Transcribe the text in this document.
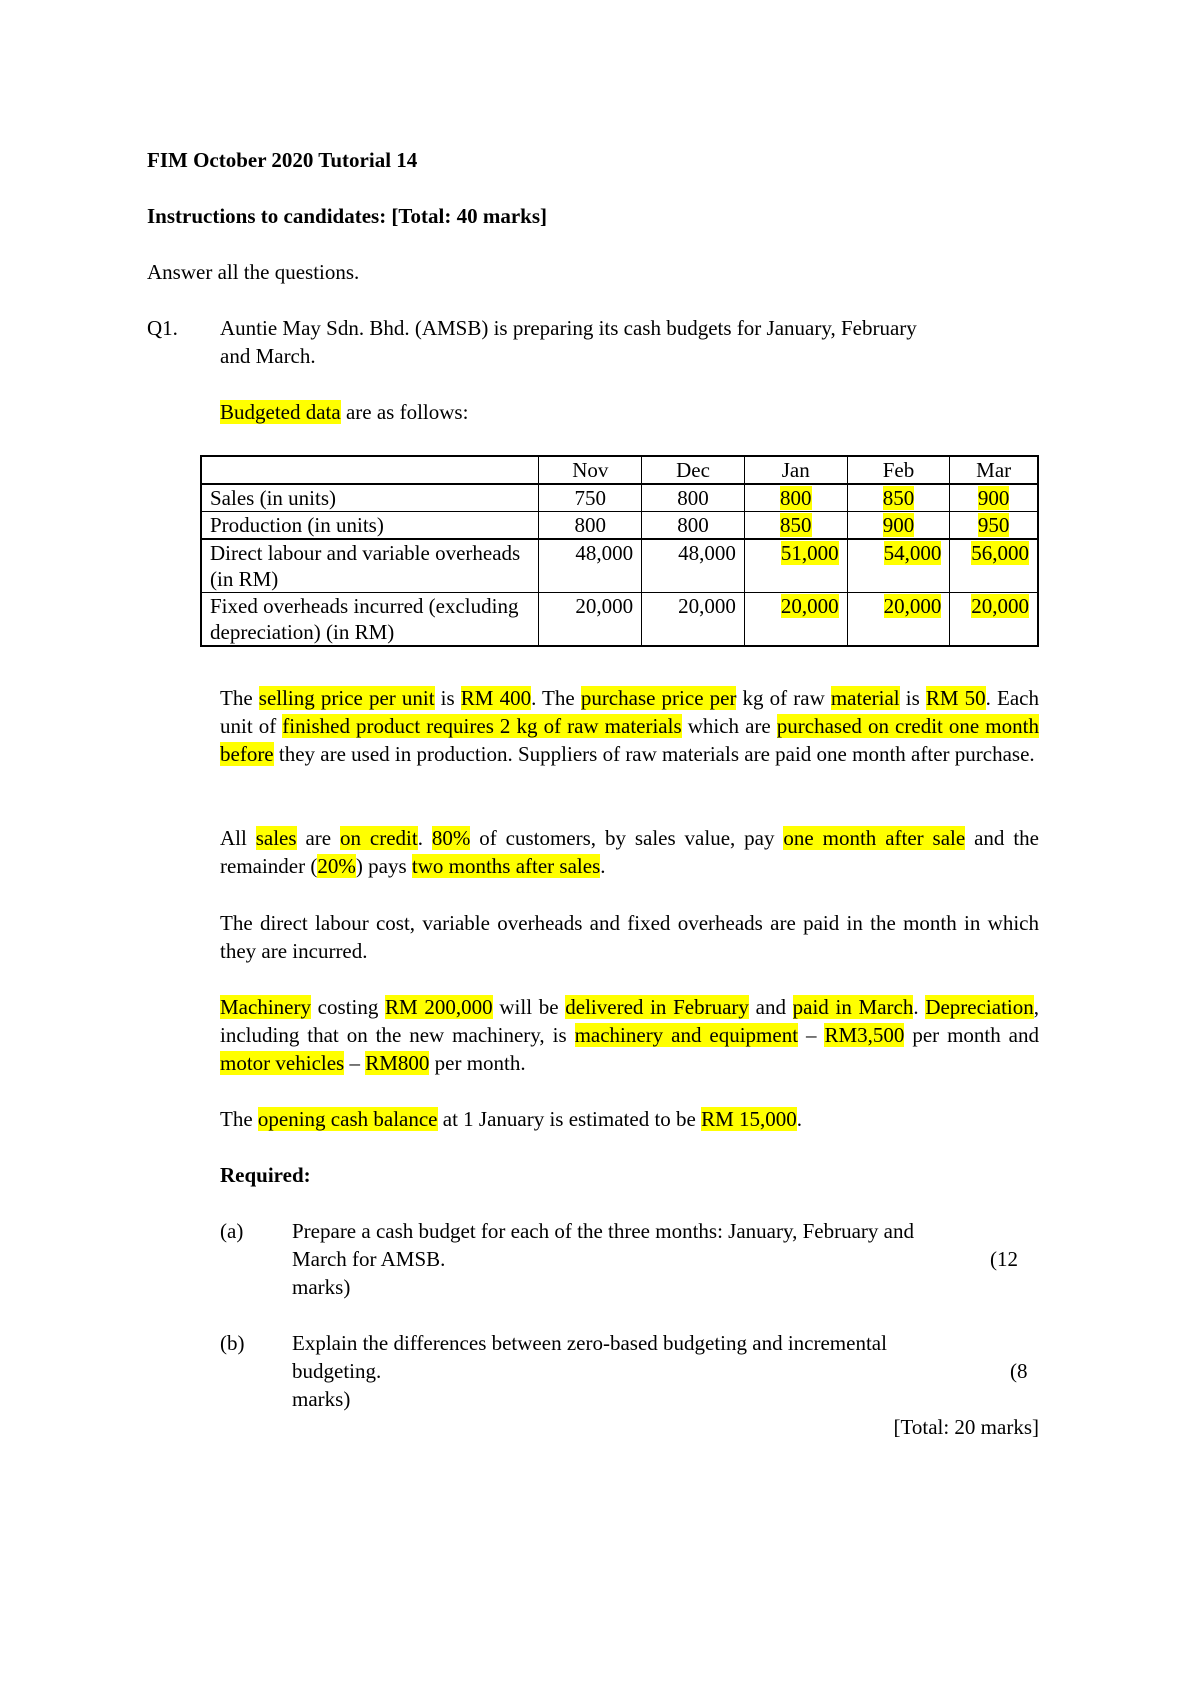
FIM October 2020 Tutorial 14
Instructions to candidates: [Total: 40 marks]
Answer all the questions.
Q1. Auntie May Sdn. Bhd. (AMSB) is preparing its cash budgets for January, February
and March.
Budgeted data are as follows:
	Nov	Dec	Jan	Feb	Mar
Sales (in units)	750	800	800	850	900
Production (in units)	800	800	850	900	950
Direct labour and variable overheads (in RM)	48,000	48,000	51,000	54,000	56,000
Fixed overheads incurred (excluding depreciation) (in RM)	20,000	20,000	20,000	20,000	20,000
The selling price per unit is RM 400. The purchase price per kg of raw material is RM 50. Each unit of finished product requires 2 kg of raw materials which are purchased on credit one month before they are used in production. Suppliers of raw materials are paid one month after purchase.
All sales are on credit. 80% of customers, by sales value, pay one month after sale and the remainder (20%) pays two months after sales.
The direct labour cost, variable overheads and fixed overheads are paid in the month in which they are incurred.
Machinery costing RM 200,000 will be delivered in February and paid in March. Depreciation, including that on the new machinery, is machinery and equipment – RM3,500 per month and motor vehicles – RM800 per month.
The opening cash balance at 1 January is estimated to be RM 15,000.
Required:
(a) Prepare a cash budget for each of the three months: January, February and
March for AMSB.	(12
marks)
(b) Explain the differences between zero-based budgeting and incremental
budgeting.	(8
marks)
[Total: 20 marks]
